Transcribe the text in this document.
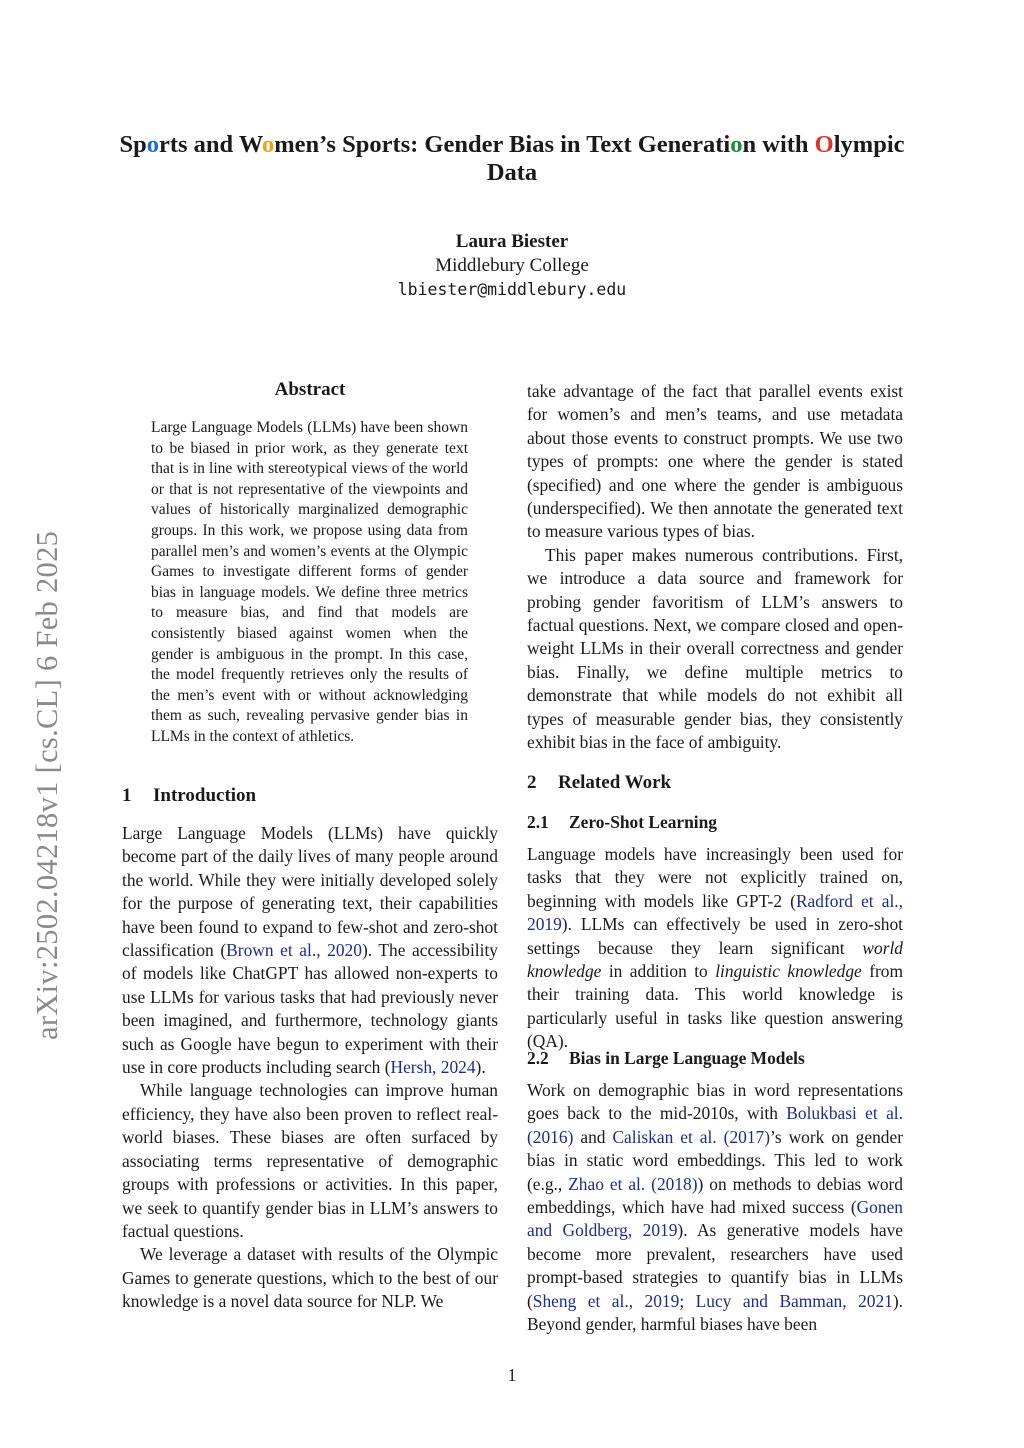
arXiv:2502.04218v1 [cs.CL] 6 Feb 2025
Sports and Women’s Sports: Gender Bias in Text Generation with Olympic Data
Laura Biester
Middlebury College
lbiester@middlebury.edu
Abstract
Large Language Models (LLMs) have been shown to be biased in prior work, as they generate text that is in line with stereotypical views of the world or that is not representative of the viewpoints and values of historically marginalized demographic groups. In this work, we propose using data from parallel men’s and women’s events at the Olympic Games to investigate different forms of gender bias in language models. We define three metrics to measure bias, and find that models are consistently biased against women when the gender is ambiguous in the prompt. In this case, the model frequently retrieves only the results of the men’s event with or without acknowledging them as such, revealing pervasive gender bias in LLMs in the context of athletics.
1 Introduction

Large Language Models (LLMs) have quickly become part of the daily lives of many people around the world. While they were initially developed solely for the purpose of generating text, their capabilities have been found to expand to few-shot and zero-shot classification (Brown et al., 2020). The accessibility of models like ChatGPT has allowed non-experts to use LLMs for various tasks that had previously never been imagined, and furthermore, technology giants such as Google have begun to experiment with their use in core products including search (Hersh, 2024).

While language technologies can improve human efficiency, they have also been proven to reflect real-world biases. These biases are often surfaced by associating terms representative of demographic groups with professions or activities. In this paper, we seek to quantify gender bias in LLM’s answers to factual questions.

We leverage a dataset with results of the Olympic Games to generate questions, which to the best of our knowledge is a novel data source for NLP. We

take advantage of the fact that parallel events exist for women’s and men’s teams, and use metadata about those events to construct prompts. We use two types of prompts: one where the gender is stated (specified) and one where the gender is ambiguous (underspecified). We then annotate the generated text to measure various types of bias.

This paper makes numerous contributions. First, we introduce a data source and framework for probing gender favoritism of LLM’s answers to factual questions. Next, we compare closed and open-weight LLMs in their overall correctness and gender bias. Finally, we define multiple metrics to demonstrate that while models do not exhibit all types of measurable gender bias, they consistently exhibit bias in the face of ambiguity.

2 Related Work
2.1 Zero-Shot Learning

Language models have increasingly been used for tasks that they were not explicitly trained on, beginning with models like GPT-2 (Radford et al., 2019). LLMs can effectively be used in zero-shot settings because they learn significant world knowledge in addition to linguistic knowledge from their training data. This world knowledge is particularly useful in tasks like question answering (QA).

2.2 Bias in Large Language Models

Work on demographic bias in word representations goes back to the mid-2010s, with Bolukbasi et al. (2016) and Caliskan et al. (2017)’s work on gender bias in static word embeddings. This led to work (e.g., Zhao et al. (2018)) on methods to debias word embeddings, which have had mixed success (Gonen and Goldberg, 2019). As generative models have become more prevalent, researchers have used prompt-based strategies to quantify bias in LLMs (Sheng et al., 2019; Lucy and Bamman, 2021). Beyond gender, harmful biases have been

1
